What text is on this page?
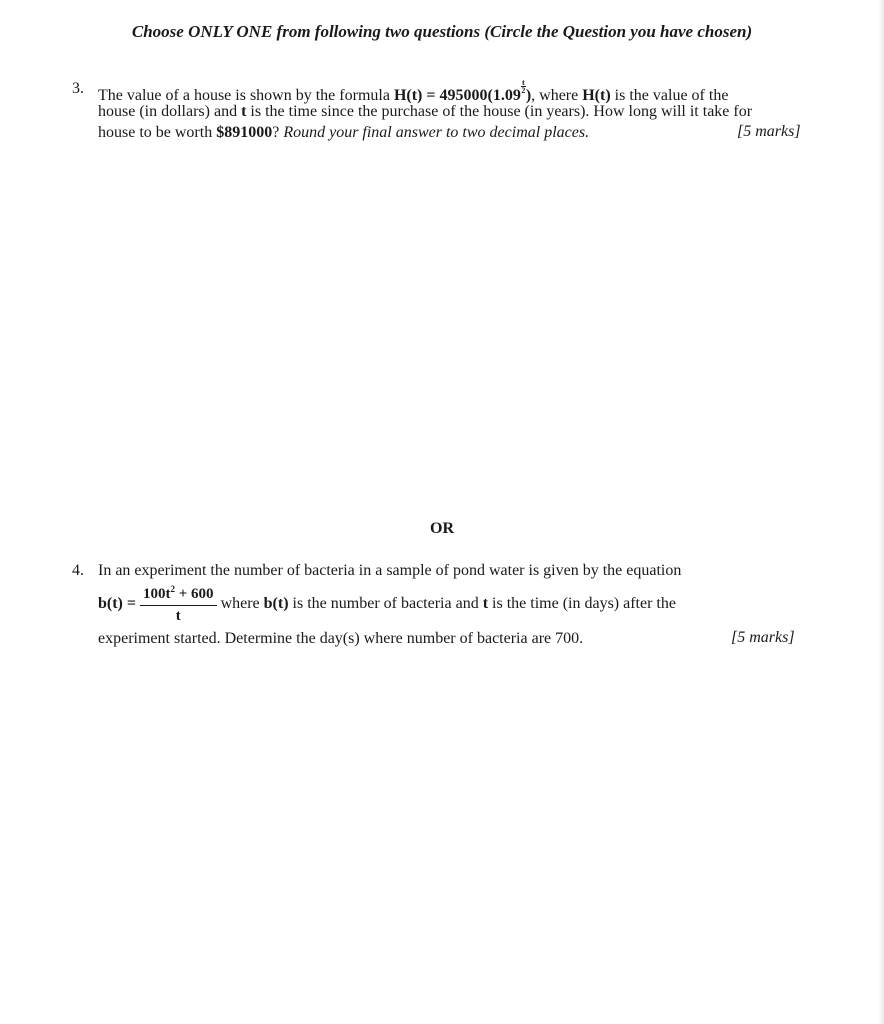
Choose ONLY ONE from following two questions (Circle the Question you have chosen)
3. The value of a house is shown by the formula H(t) = 495000(1.09
$\frac{t}{2}$
), where H(t) is the value of the
house (in dollars) and t is the time since the purchase of the house (in years). How long will it take for
house to be worth $891000? Round your final answer to two decimal places.	[5 marks]
OR
4. In an experiment the number of bacteria in a sample of pond water is given by the equation
$b(t) = \frac{100t^2 + 600}{t}$ where b(t) is the number of bacteria and t is the time (in days) after the
experiment started. Determine the day(s) where number of bacteria are 700.	[5 marks]
